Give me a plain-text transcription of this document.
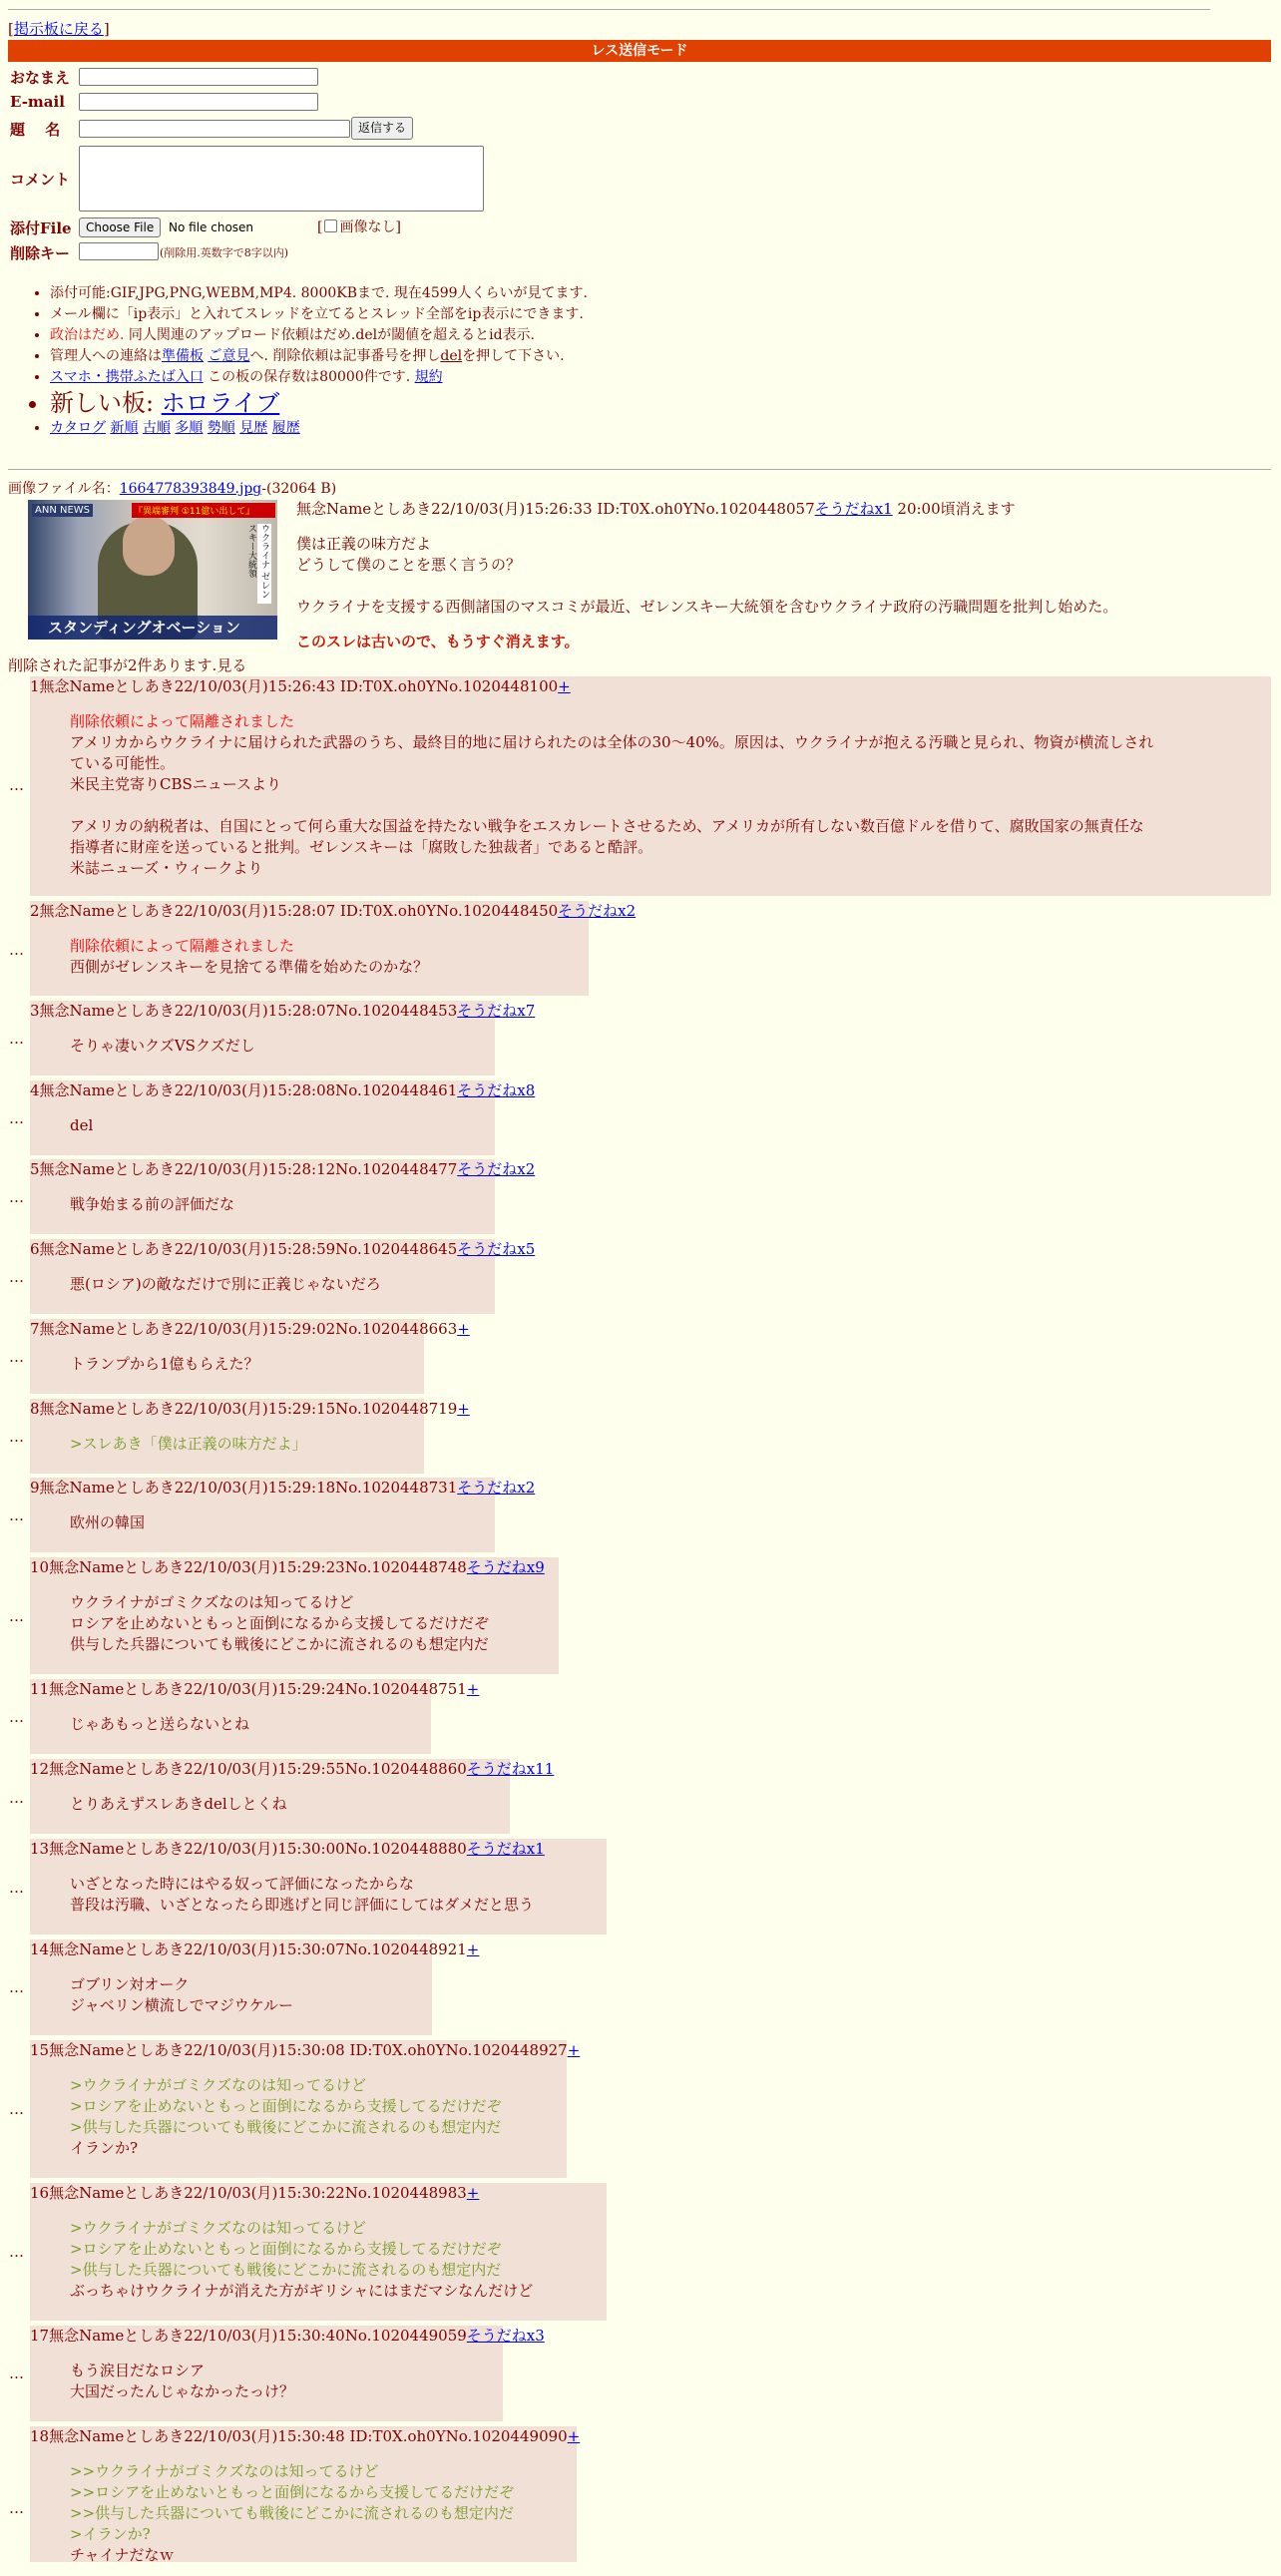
[掲示板に戻る]
レス送信モード
おなまえ
E-mail
題　 名	返信する
コメント
添付File	Choose File No file chosen	[ 画像なし]
削除キー	(削除用.英数字で8字以内)
• 添付可能:GIF,JPG,PNG,WEBM,MP4. 8000KBまで. 現在4599人くらいが見てます.
• メール欄に「ip表示」と入れてスレッドを立てるとスレッド全部をip表示にできます.
• 政治はだめ. 同人関連のアップロード依頼はだめ.delが閾値を超えるとid表示.
• 管理人への連絡は準備板 ご意見へ. 削除依頼は記事番号を押しdelを押して下さい.
• スマホ・携帯ふたば入口 この板の保存数は80000件です. 規約
• 新しい板: ホロライブ
• カタログ 新順 古順 多順 勢順 見歴 履歴
画像ファイル名：1664778393849.jpg-(32064 B)
ANN NEWS	『異端審判 ①11億い出して』
ウクライナ ゼレンスキー大統領
スタンディングオベーション
無念Nameとしあき22/10/03(月)15:26:33 ID:T0X.oh0YNo.1020448057そうだねx1 20:00頃消えます
僕は正義の味方だよ
どうして僕のことを悪く言うの？
ウクライナを支援する西側諸国のマスコミが最近、ゼレンスキー大統領を含むウクライナ政府の汚職問題を批判し始めた。
このスレは古いので、もうすぐ消えます。
削除された記事が2件あります.見る
…
1無念Nameとしあき22/10/03(月)15:26:43 ID:T0X.oh0YNo.1020448100+
削除依頼によって隔離されました
アメリカからウクライナに届けられた武器のうち、最終目的地に届けられたのは全体の30～40%。原因は、ウクライナが抱える汚職と見られ、物資が横流しされ
ている可能性。
米民主党寄りCBSニュースより
アメリカの納税者は、自国にとって何ら重大な国益を持たない戦争をエスカレートさせるため、アメリカが所有しない数百億ドルを借りて、腐敗国家の無責任な
指導者に財産を送っていると批判。ゼレンスキーは「腐敗した独裁者」であると酷評。
米誌ニューズ・ウィークより
…
2無念Nameとしあき22/10/03(月)15:28:07 ID:T0X.oh0YNo.1020448450そうだねx2
削除依頼によって隔離されました
西側がゼレンスキーを見捨てる準備を始めたのかな？
…
3無念Nameとしあき22/10/03(月)15:28:07No.1020448453そうだねx7
そりゃ凄いクズVSクズだし
…
4無念Nameとしあき22/10/03(月)15:28:08No.1020448461そうだねx8
del
…
5無念Nameとしあき22/10/03(月)15:28:12No.1020448477そうだねx2
戦争始まる前の評価だな
…
6無念Nameとしあき22/10/03(月)15:28:59No.1020448645そうだねx5
悪(ロシア)の敵なだけで別に正義じゃないだろ
…
7無念Nameとしあき22/10/03(月)15:29:02No.1020448663+
トランプから1億もらえた？
…
8無念Nameとしあき22/10/03(月)15:29:15No.1020448719+
>スレあき「僕は正義の味方だよ」
…
9無念Nameとしあき22/10/03(月)15:29:18No.1020448731そうだねx2
欧州の韓国
…
10無念Nameとしあき22/10/03(月)15:29:23No.1020448748そうだねx9
ウクライナがゴミクズなのは知ってるけど
ロシアを止めないともっと面倒になるから支援してるだけだぞ
供与した兵器についても戦後にどこかに流されるのも想定内だ
…
11無念Nameとしあき22/10/03(月)15:29:24No.1020448751+
じゃあもっと送らないとね
…
12無念Nameとしあき22/10/03(月)15:29:55No.1020448860そうだねx11
とりあえずスレあきdelしとくね
…
13無念Nameとしあき22/10/03(月)15:30:00No.1020448880そうだねx1
いざとなった時にはやる奴って評価になったからな
普段は汚職、いざとなったら即逃げと同じ評価にしてはダメだと思う
…
14無念Nameとしあき22/10/03(月)15:30:07No.1020448921+
ゴブリン対オーク
ジャベリン横流しでマジウケルー
…
15無念Nameとしあき22/10/03(月)15:30:08 ID:T0X.oh0YNo.1020448927+
>ウクライナがゴミクズなのは知ってるけど
>ロシアを止めないともっと面倒になるから支援してるだけだぞ
>供与した兵器についても戦後にどこかに流されるのも想定内だ
イランか?
…
16無念Nameとしあき22/10/03(月)15:30:22No.1020448983+
>ウクライナがゴミクズなのは知ってるけど
>ロシアを止めないともっと面倒になるから支援してるだけだぞ
>供与した兵器についても戦後にどこかに流されるのも想定内だ
ぶっちゃけウクライナが消えた方がギリシャにはまだマシなんだけど
…
17無念Nameとしあき22/10/03(月)15:30:40No.1020449059そうだねx3
もう涙目だなロシア
大国だったんじゃなかったっけ？
…
18無念Nameとしあき22/10/03(月)15:30:48 ID:T0X.oh0YNo.1020449090+
>>ウクライナがゴミクズなのは知ってるけど
>>ロシアを止めないともっと面倒になるから支援してるだけだぞ
>>供与した兵器についても戦後にどこかに流されるのも想定内だ
>イランか?
チャイナだなｗ
